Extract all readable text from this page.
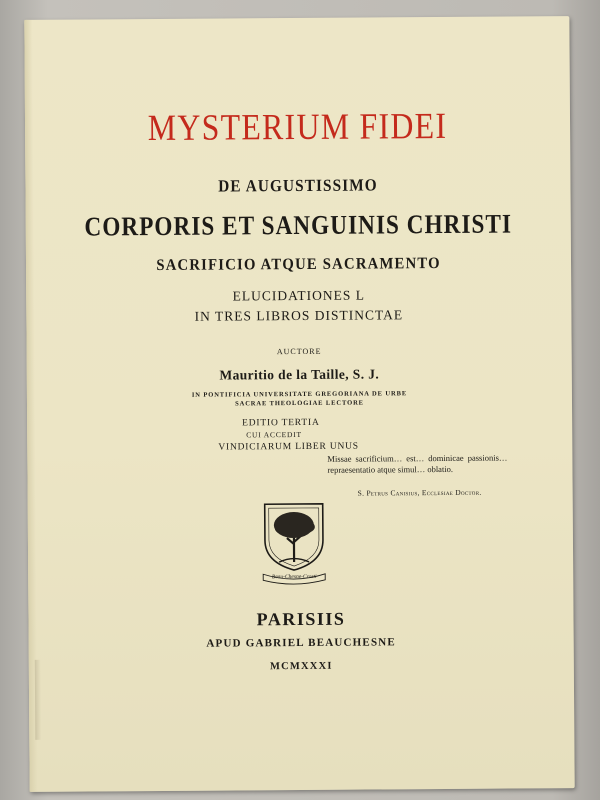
MYSTERIUM FIDEI
DE AUGUSTISSIMO
CORPORIS ET SANGUINIS CHRISTI
SACRIFICIO ATQUE SACRAMENTO
ELUCIDATIONES L
IN TRES LIBROS DISTINCTAE
AUCTORE
Mauritio de la Taille, S. J.
IN PONTIFICIA UNIVERSITATE GREGORIANA DE URBE
SACRAE THEOLOGIAE LECTORE
EDITIO TERTIA
CUI ACCEDIT
VINDICIARUM LIBER UNUS
Missae sacrificium… est… dominicae passionis… repraesentatio atque simul… oblatio.
S. Petrus Canisius, Ecclesiae Doctor.
Beau-Chesne-Crosti
PARISIIS
APUD GABRIEL BEAUCHESNE
MCMXXXI
